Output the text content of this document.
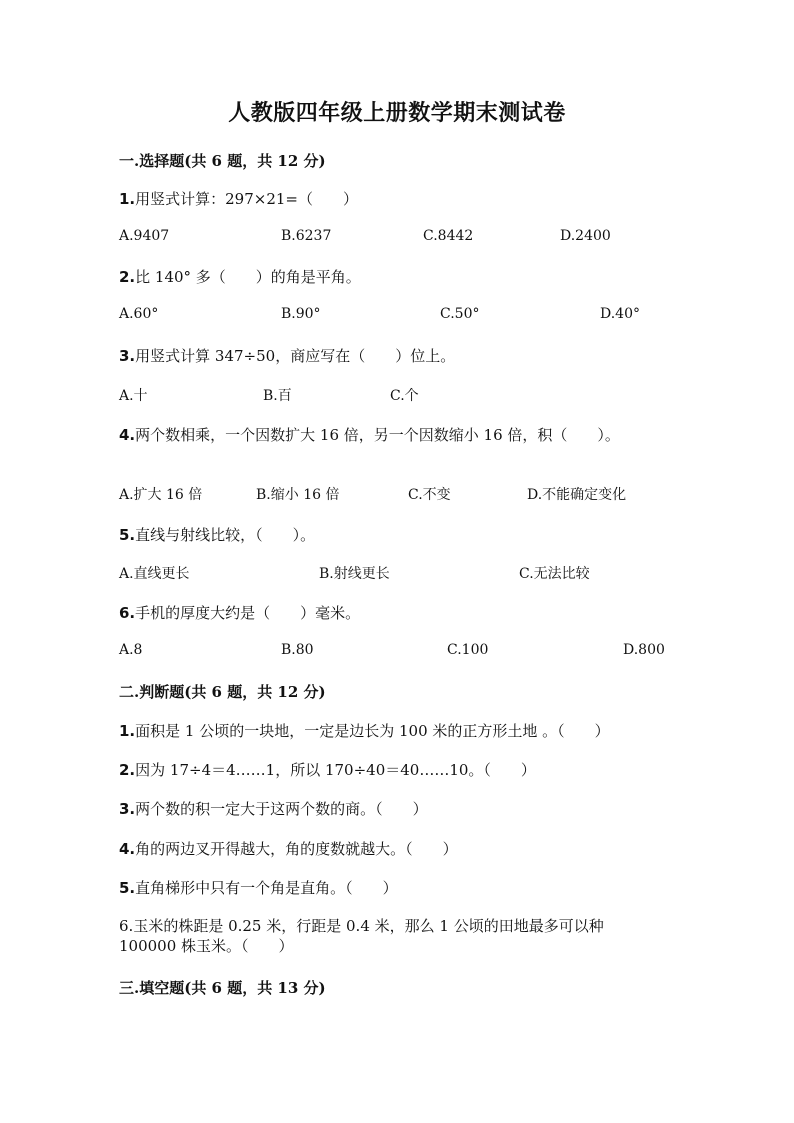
人教版四年级上册数学期末测试卷
一.选择题(共 6 题，共 12 分)
1.用竖式计算：297×21=（　　）
A.9407	B.6237	C.8442	D.2400
2.比 140° 多（　　）的角是平角。
A.60°	B.90°	C.50°	D.40°
3.用竖式计算 347÷50，商应写在（　　）位上。
A.十	B.百	C.个
4.两个数相乘，一个因数扩大 16 倍，另一个因数缩小 16 倍，积（　　）。
A.扩大 16 倍	B.缩小 16 倍	C.不变	D.不能确定变化
5.直线与射线比较，（　　）。
A.直线更长	B.射线更长	C.无法比较
6.手机的厚度大约是（　　）毫米。
A.8	B.80	C.100	D.800
二.判断题(共 6 题，共 12 分)
1.面积是 1 公顷的一块地，一定是边长为 100 米的正方形土地 。（　　）
2.因为 17÷4＝4……1，所以 170÷40＝40……10。（　　）
3.两个数的积一定大于这两个数的商。（　　）
4.角的两边叉开得越大，角的度数就越大。（　　）
5.直角梯形中只有一个角是直角。（　　）
6.玉米的株距是 0.25 米，行距是 0.4 米，那么 1 公顷的田地最多可以种
100000 株玉米。（　　）
三.填空题(共 6 题，共 13 分)
